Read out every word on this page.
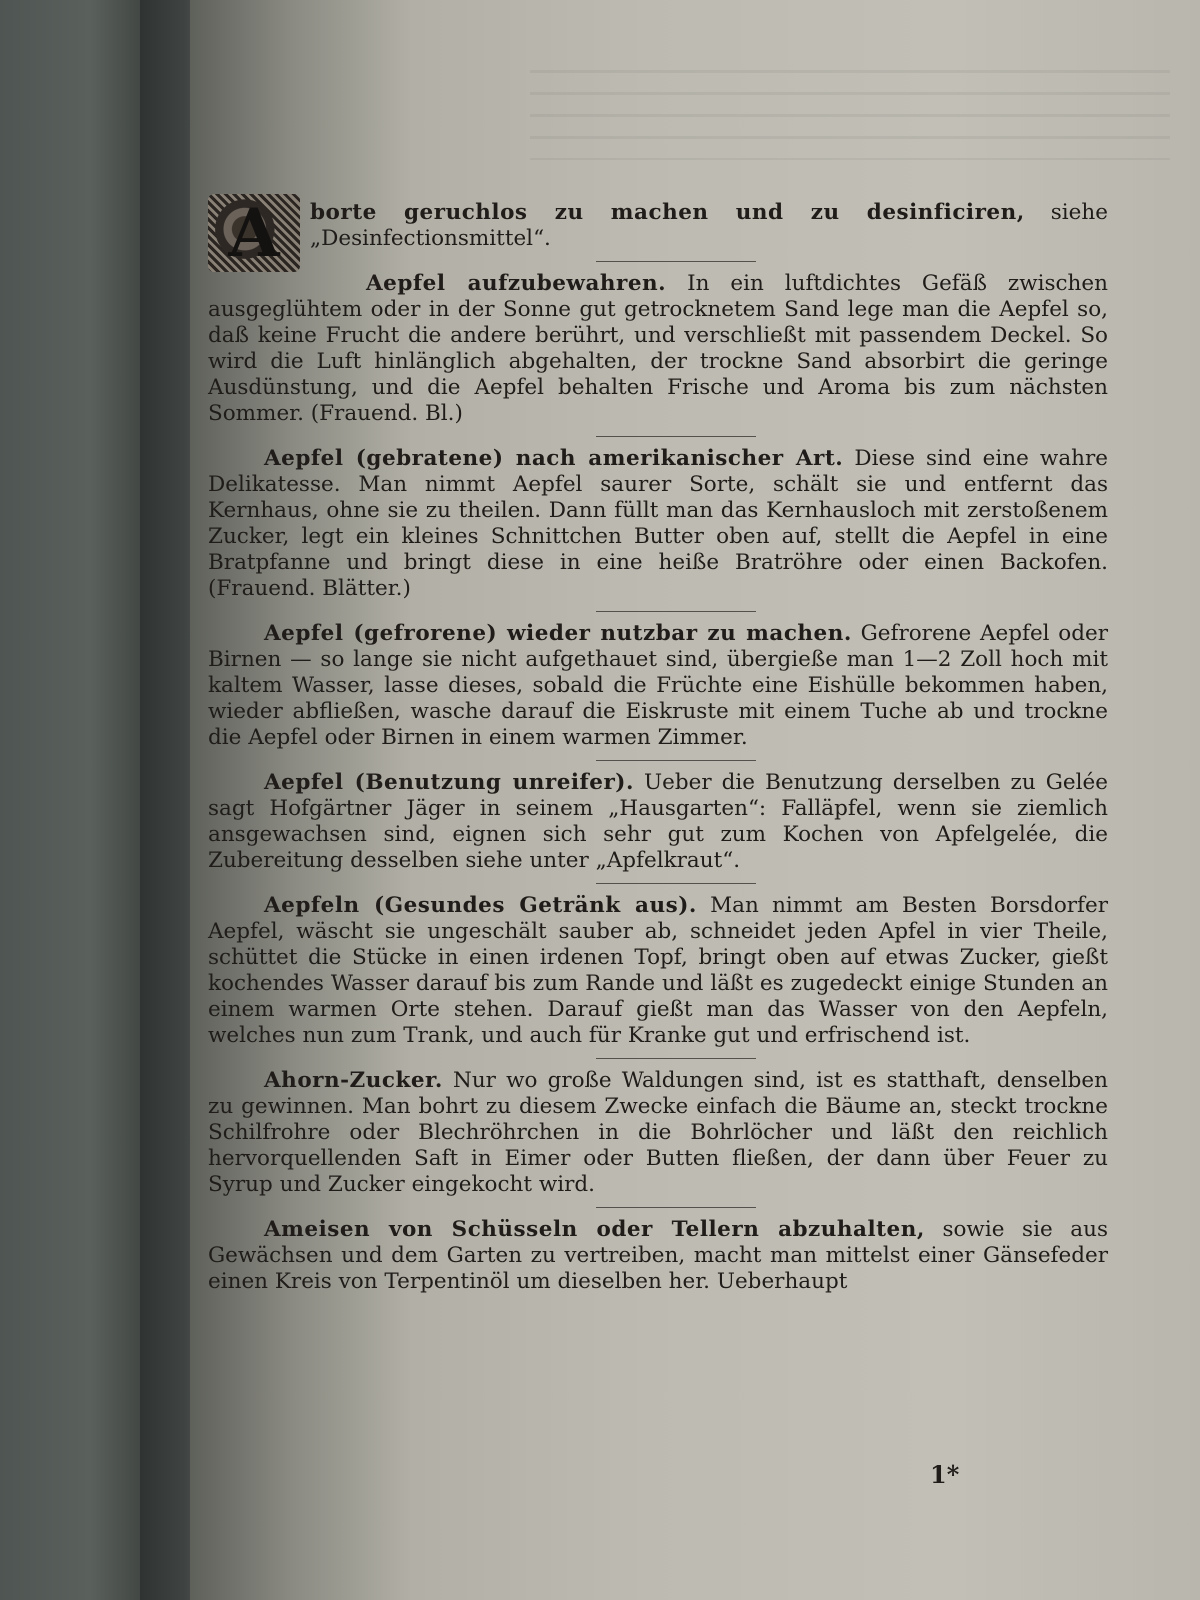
A	borte geruchlos zu machen und zu desinficiren, siehe „Desinfectionsmittel“.

Aepfel aufzubewahren. In ein luftdichtes Gefäß zwischen ausgeglühtem oder in der Sonne gut getrocknetem Sand lege man die Aepfel so, daß keine Frucht die andere berührt, und verschließt mit passendem Deckel. So wird die Luft hinlänglich abgehalten, der trockne Sand absorbirt die geringe Ausdünstung, und die Aepfel behalten Frische und Aroma bis zum nächsten Sommer. (Frauend. Bl.)

Aepfel (gebratene) nach amerikanischer Art. Diese sind eine wahre Delikatesse. Man nimmt Aepfel saurer Sorte, schält sie und entfernt das Kernhaus, ohne sie zu theilen. Dann füllt man das Kernhausloch mit zerstoßenem Zucker, legt ein kleines Schnittchen Butter oben auf, stellt die Aepfel in eine Bratpfanne und bringt diese in eine heiße Bratröhre oder einen Backofen. (Frauend. Blätter.)

Aepfel (gefrorene) wieder nutzbar zu machen. Gefrorene Aepfel oder Birnen — so lange sie nicht aufgethauet sind, übergieße man 1—2 Zoll hoch mit kaltem Wasser, lasse dieses, sobald die Früchte eine Eishülle bekommen haben, wieder abfließen, wasche darauf die Eiskruste mit einem Tuche ab und trockne die Aepfel oder Birnen in einem warmen Zimmer.

Aepfel (Benutzung unreifer). Ueber die Benutzung derselben zu Gelée sagt Hofgärtner Jäger in seinem „Hausgarten“: Falläpfel, wenn sie ziemlich ansgewachsen sind, eignen sich sehr gut zum Kochen von Apfelgelée, die Zubereitung desselben siehe unter „Apfelkraut“.

Aepfeln (Gesundes Getränk aus). Man nimmt am Besten Borsdorfer Aepfel, wäscht sie ungeschält sauber ab, schneidet jeden Apfel in vier Theile, schüttet die Stücke in einen irdenen Topf, bringt oben auf etwas Zucker, gießt kochendes Wasser darauf bis zum Rande und läßt es zugedeckt einige Stunden an einem warmen Orte stehen. Darauf gießt man das Wasser von den Aepfeln, welches nun zum Trank, und auch für Kranke gut und erfrischend ist.

Ahorn-Zucker. Nur wo große Waldungen sind, ist es statthaft, denselben zu gewinnen. Man bohrt zu diesem Zwecke einfach die Bäume an, steckt trockne Schilfrohre oder Blechröhrchen in die Bohrlöcher und läßt den reichlich hervorquellenden Saft in Eimer oder Butten fließen, der dann über Feuer zu Syrup und Zucker eingekocht wird.

Ameisen von Schüsseln oder Tellern abzuhalten, sowie sie aus Gewächsen und dem Garten zu vertreiben, macht man mittelst einer Gänsefeder einen Kreis von Terpentinöl um dieselben her. Ueberhaupt

1*
